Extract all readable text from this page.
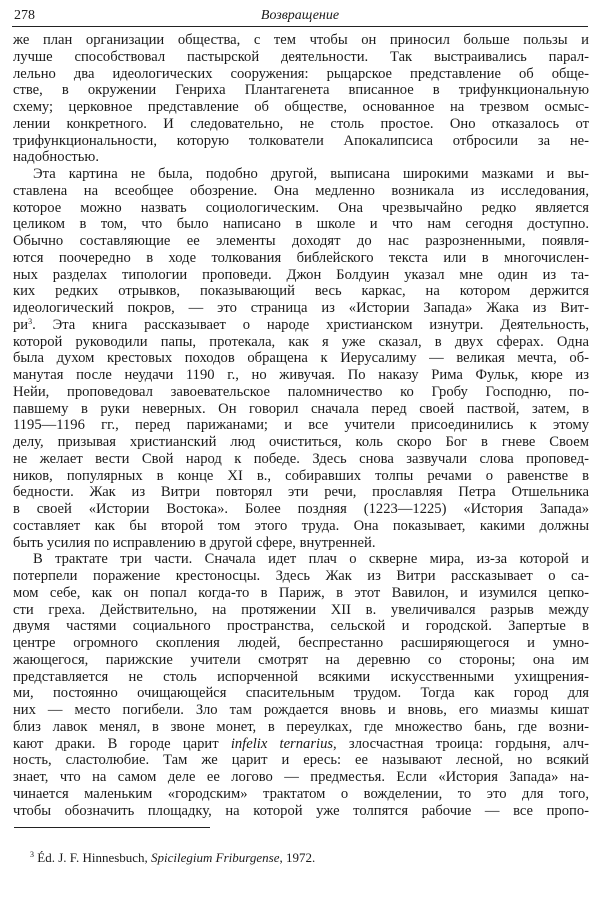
278	Возвращение
же план организации общества, с тем чтобы он приносил больше пользы и
лучше способствовал пастырской деятельности. Так выстраивались парал-
лельно два идеологических сооружения: рыцарское представление об обще-
стве, в окружении Генриха Плантагенета вписанное в трифункциональную
схему; церковное представление об обществе, основанное на трезвом осмыс-
лении конкретного. И следовательно, не столь простое. Оно отказалось от
трифункциональности, которую толкователи Апокалипсиса отбросили за не-
надобностью.
Эта картина не была, подобно другой, выписана широкими мазками и вы-
ставлена на всеобщее обозрение. Она медленно возникала из исследования,
которое можно назвать социологическим. Она чрезвычайно редко является
целиком в том, что было написано в школе и что нам сегодня доступно.
Обычно составляющие ее элементы доходят до нас разрозненными, появля-
ются поочередно в ходе толкования библейского текста или в многочислен-
ных разделах типологии проповеди. Джон Болдуин указал мне один из та-
ких редких отрывков, показывающий весь каркас, на котором держится
идеологический покров, — это страница из «Истории Запада» Жака из Вит-
$ри^3$. Эта книга рассказывает о народе христианском изнутри. Деятельность,
которой руководили папы, протекала, как я уже сказал, в двух сферах. Одна
была духом крестовых походов обращена к Иерусалиму — великая мечта, об-
манутая после неудачи 1190 г., но живучая. По наказу Рима Фульк, кюре из
Нейи, проповедовал завоевательское паломничество ко Гробу Господню, по-
павшему в руки неверных. Он говорил сначала перед своей паствой, затем, в
1195—1196 гг., перед парижанами; и все учители присоединились к этому
делу, призывая христианский люд очиститься, коль скоро Бог в гневе Своем
не желает вести Свой народ к победе. Здесь снова зазвучали слова проповед-
ников, популярных в конце XI в., собиравших толпы речами о равенстве в
бедности. Жак из Витри повторял эти речи, прославляя Петра Отшельника
в своей «Истории Востока». Более поздняя (1223—1225) «История Запада»
составляет как бы второй том этого труда. Она показывает, какими должны
быть усилия по исправлению в другой сфере, внутренней.
В трактате три части. Сначала идет плач о скверне мира, из-за которой и
потерпели поражение крестоносцы. Здесь Жак из Витри рассказывает о са-
мом себе, как он попал когда-то в Париж, в этот Вавилон, и изумился цепко-
сти греха. Действительно, на протяжении XII в. увеличивался разрыв между
двумя частями социального пространства, сельской и городской. Запертые в
центре огромного скопления людей, беспрестанно расширяющегося и умно-
жающегося, парижские учители смотрят на деревню со стороны; она им
представляется не столь испорченной всякими искусственными ухищрения-
ми, постоянно очищающейся спасительным трудом. Тогда как город для
них — место погибели. Зло там рождается вновь и вновь, его миазмы кишат
близ лавок менял, в звоне монет, в переулках, где множество бань, где возни-
кают драки. В городе царит infelix ternarius, злосчастная троица: гордыня, алч-
ность, сластолюбие. Там же царит и ересь: ее называют лесной, но всякий
знает, что на самом деле ее логово — предместья. Если «История Запада» на-
чинается маленьким «городским» трактатом о вожделении, то это для того,
чтобы обозначить площадку, на которой уже толпятся рабочие — все пропо-
$^3$ Éd. J. F. Hinnesbuch, Spicilegium Friburgense, 1972.
